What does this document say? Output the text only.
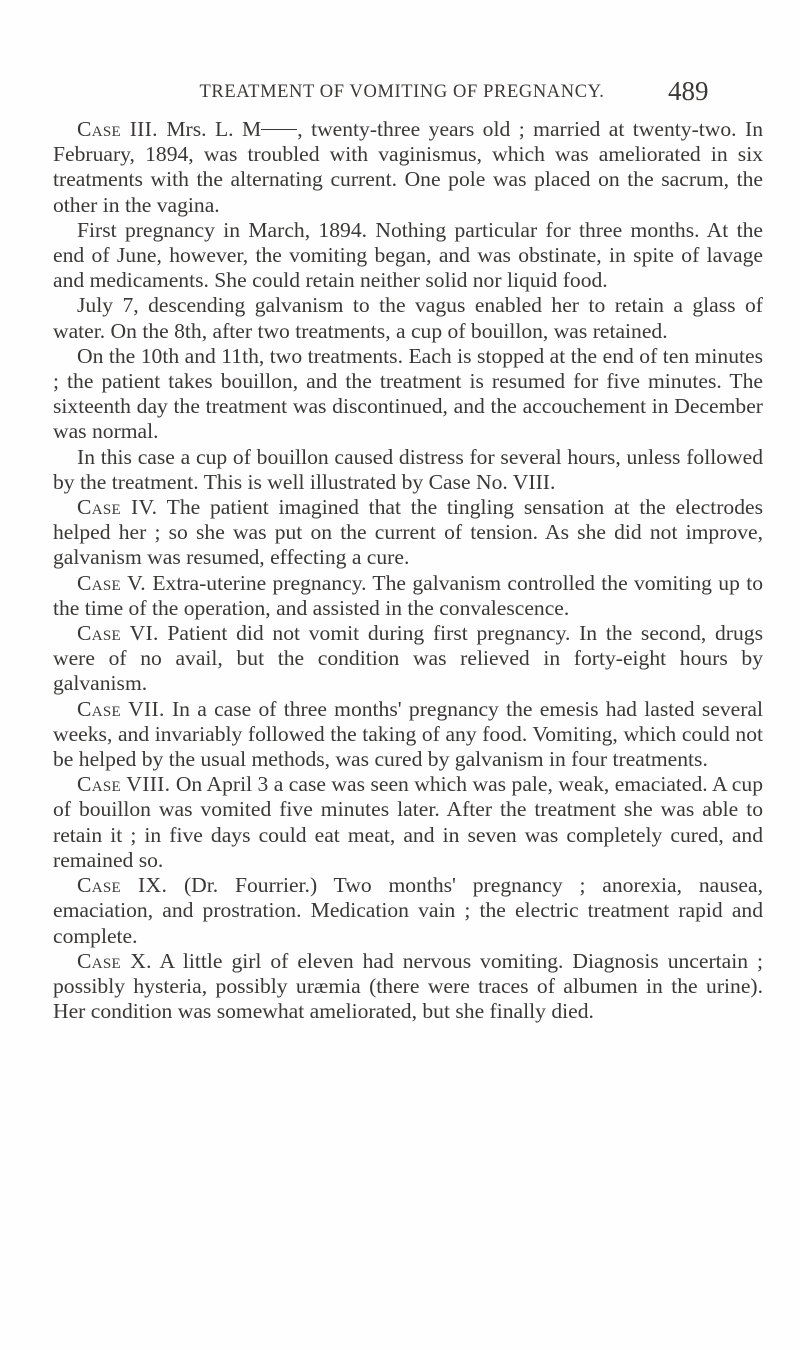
TREATMENT OF VOMITING OF PREGNANCY.	489

Case III. Mrs. L. M , twenty-three years old ; married at twenty-two. In February, 1894, was troubled with vaginismus, which was ameliorated in six treatments with the alternating current. One pole was placed on the sacrum, the other in the vagina.

First pregnancy in March, 1894. Nothing particular for three months. At the end of June, however, the vomiting began, and was obstinate, in spite of lavage and medicaments. She could retain neither solid nor liquid food.

July 7, descending galvanism to the vagus enabled her to retain a glass of water. On the 8th, after two treatments, a cup of bouillon, was retained.

On the 10th and 11th, two treatments. Each is stopped at the end of ten minutes ; the patient takes bouillon, and the treatment is resumed for five minutes. The sixteenth day the treatment was discontinued, and the accouchement in December was normal.

In this case a cup of bouillon caused distress for several hours, unless followed by the treatment. This is well illustrated by Case No. VIII.

Case IV. The patient imagined that the tingling sensation at the electrodes helped her ; so she was put on the current of tension. As she did not improve, galvanism was resumed, effecting a cure.

Case V. Extra-uterine pregnancy. The galvanism controlled the vomiting up to the time of the operation, and assisted in the convalescence.

Case VI. Patient did not vomit during first pregnancy. In the second, drugs were of no avail, but the condition was relieved in forty-eight hours by galvanism.

Case VII. In a case of three months' pregnancy the emesis had lasted several weeks, and invariably followed the taking of any food. Vomiting, which could not be helped by the usual methods, was cured by galvanism in four treatments.

Case VIII. On April 3 a case was seen which was pale, weak, emaciated. A cup of bouillon was vomited five minutes later. After the treatment she was able to retain it ; in five days could eat meat, and in seven was completely cured, and remained so.

Case IX. (Dr. Fourrier.) Two months' pregnancy ; anorexia, nausea, emaciation, and prostration. Medication vain ; the electric treatment rapid and complete.

Case X. A little girl of eleven had nervous vomiting. Diagnosis uncertain ; possibly hysteria, possibly uræmia (there were traces of albumen in the urine). Her condition was somewhat ameliorated, but she finally died.
